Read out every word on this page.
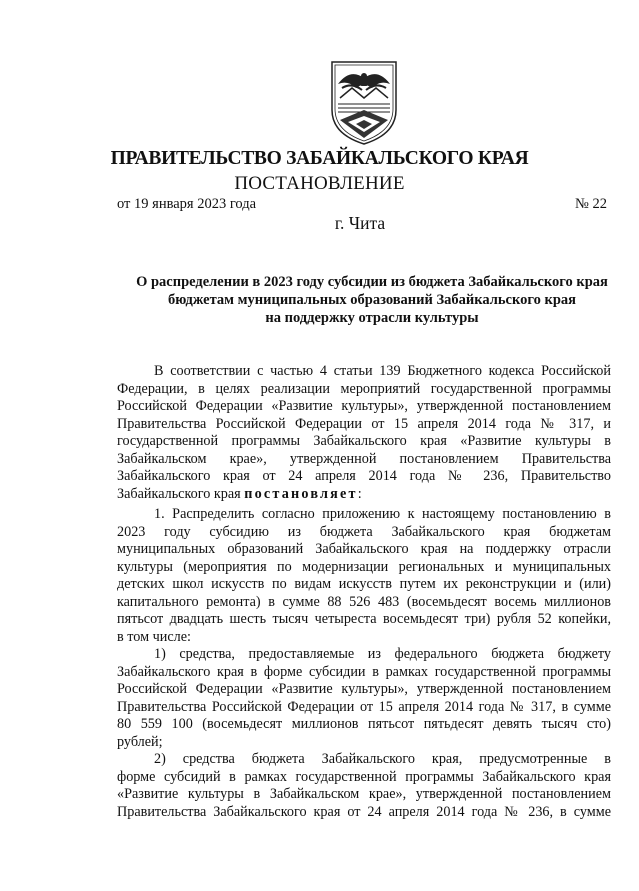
ПРАВИТЕЛЬСТВО ЗАБАЙКАЛЬСКОГО КРАЯ
ПОСТАНОВЛЕНИЕ
от 19 января 2023 года	№ 22
г. Чита
О распределении в 2023 году субсидии из бюджета Забайкальского края
бюджетам муниципальных образований Забайкальского края
на поддержку отрасли культуры
В соответствии с частью 4 статьи 139 Бюджетного кодекса Российской
Федерации, в целях реализации мероприятий государственной программы
Российской Федерации «Развитие культуры», утвержденной постановлением
Правительства Российской Федерации от 15 апреля 2014 года № 317, и
государственной программы Забайкальского края «Развитие культуры в
Забайкальском крае», утвержденной постановлением Правительства
Забайкальского края от 24 апреля 2014 года № 236, Правительство
Забайкальского края постановляет:
1. Распределить согласно приложению к настоящему постановлению в
2023 году субсидию из бюджета Забайкальского края бюджетам
муниципальных образований Забайкальского края на поддержку отрасли
культуры (мероприятия по модернизации региональных и муниципальных
детских школ искусств по видам искусств путем их реконструкции и (или)
капитального ремонта) в сумме 88 526 483 (восемьдесят восемь миллионов
пятьсот двадцать шесть тысяч четыреста восемьдесят три) рубля 52 копейки,
в том числе:
1) средства, предоставляемые из федерального бюджета бюджету
Забайкальского края в форме субсидии в рамках государственной программы
Российской Федерации «Развитие культуры», утвержденной постановлением
Правительства Российской Федерации от 15 апреля 2014 года № 317, в сумме
80 559 100 (восемьдесят миллионов пятьсот пятьдесят девять тысяч сто)
рублей;
2) средства бюджета Забайкальского края, предусмотренные в
форме субсидий в рамках государственной программы Забайкальского края
«Развитие культуры в Забайкальском крае», утвержденной постановлением
Правительства Забайкальского края от 24 апреля 2014 года № 236, в сумме
